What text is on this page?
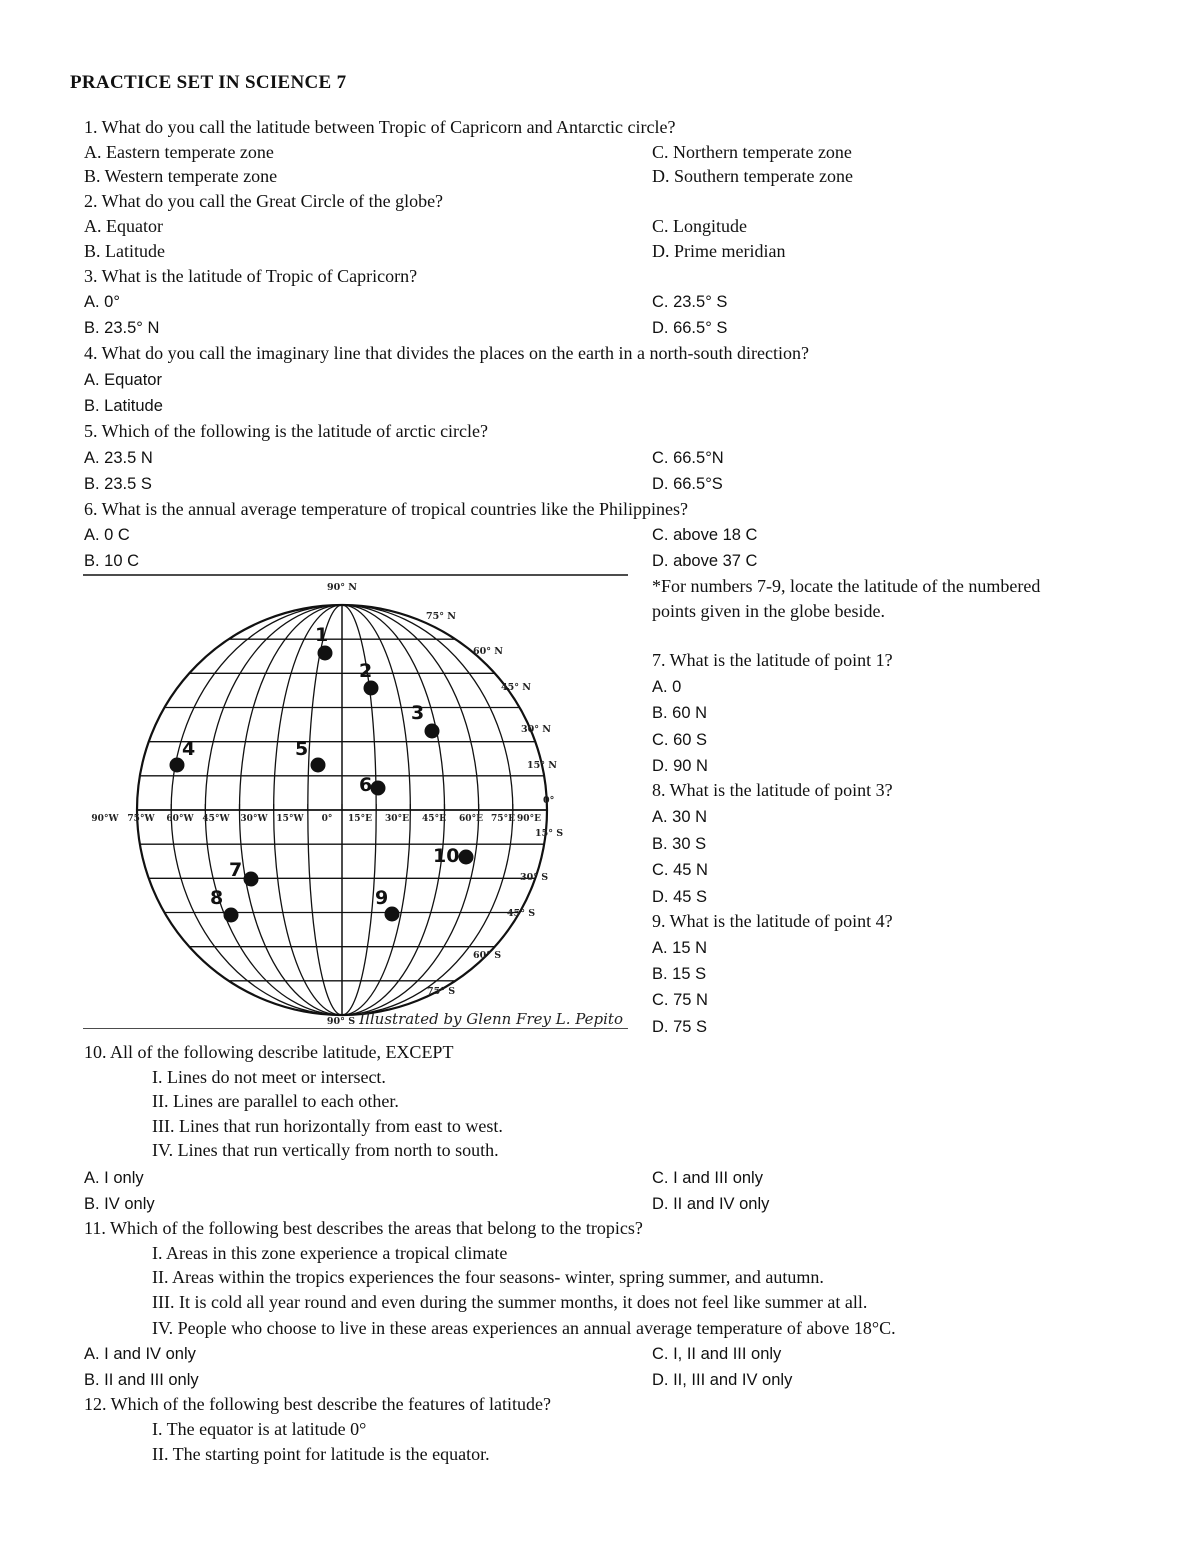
PRACTICE SET IN SCIENCE 7
1. What do you call the latitude between Tropic of Capricorn and Antarctic circle?
A. Eastern temperate zone	C. Northern temperate zone
B. Western temperate zone	D. Southern temperate zone
2. What do you call the Great Circle of the globe?
A. Equator	C. Longitude
B. Latitude	D. Prime meridian
3. What is the latitude of Tropic of Capricorn?
A. 0°	C. 23.5° S
B. 23.5° N	D. 66.5° S
4. What do you call the imaginary line that divides the places on the earth in a north-south direction?
A. Equator
B. Latitude
5. Which of the following is the latitude of arctic circle?
A. 23.5 N	C. 66.5°N
B. 23.5 S	D. 66.5°S
6. What is the annual average temperature of tropical countries like the Philippines?
A. 0 C	C. above 18 C
B. 10 C	D. above 37 C
90° N
75° N
60° N
45° N
30° N
15° N
0°
15° S
30° S
45° S
60° S
75° S
90° S
90°W 75°W 60°W 45°W 30°W 15°W 0° 15°E 30°E 45°E 60°E 75°E 90°E
1
2
3
4	5
6
7
8	9
10
Illustrated by Glenn Frey L. Pepito
*For numbers 7-9, locate the latitude of the numbered
points given in the globe beside.
7. What is the latitude of point 1?
A. 0
B. 60 N
C. 60 S
D. 90 N
8. What is the latitude of point 3?
A. 30 N
B. 30 S
C. 45 N
D. 45 S
9. What is the latitude of point 4?
A. 15 N
B. 15 S
C. 75 N
D. 75 S
10. All of the following describe latitude, EXCEPT
I. Lines do not meet or intersect.
II. Lines are parallel to each other.
III. Lines that run horizontally from east to west.
IV. Lines that run vertically from north to south.
A. I only	C. I and III only
B. IV only	D. II and IV only
11. Which of the following best describes the areas that belong to the tropics?
I. Areas in this zone experience a tropical climate
II. Areas within the tropics experiences the four seasons- winter, spring summer, and autumn.
III. It is cold all year round and even during the summer months, it does not feel like summer at all.
IV. People who choose to live in these areas experiences an annual average temperature of above 18°C.
A. I and IV only	C. I, II and III only
B. II and III only	D. II, III and IV only
12. Which of the following best describe the features of latitude?
I. The equator is at latitude 0°
II. The starting point for latitude is the equator.
